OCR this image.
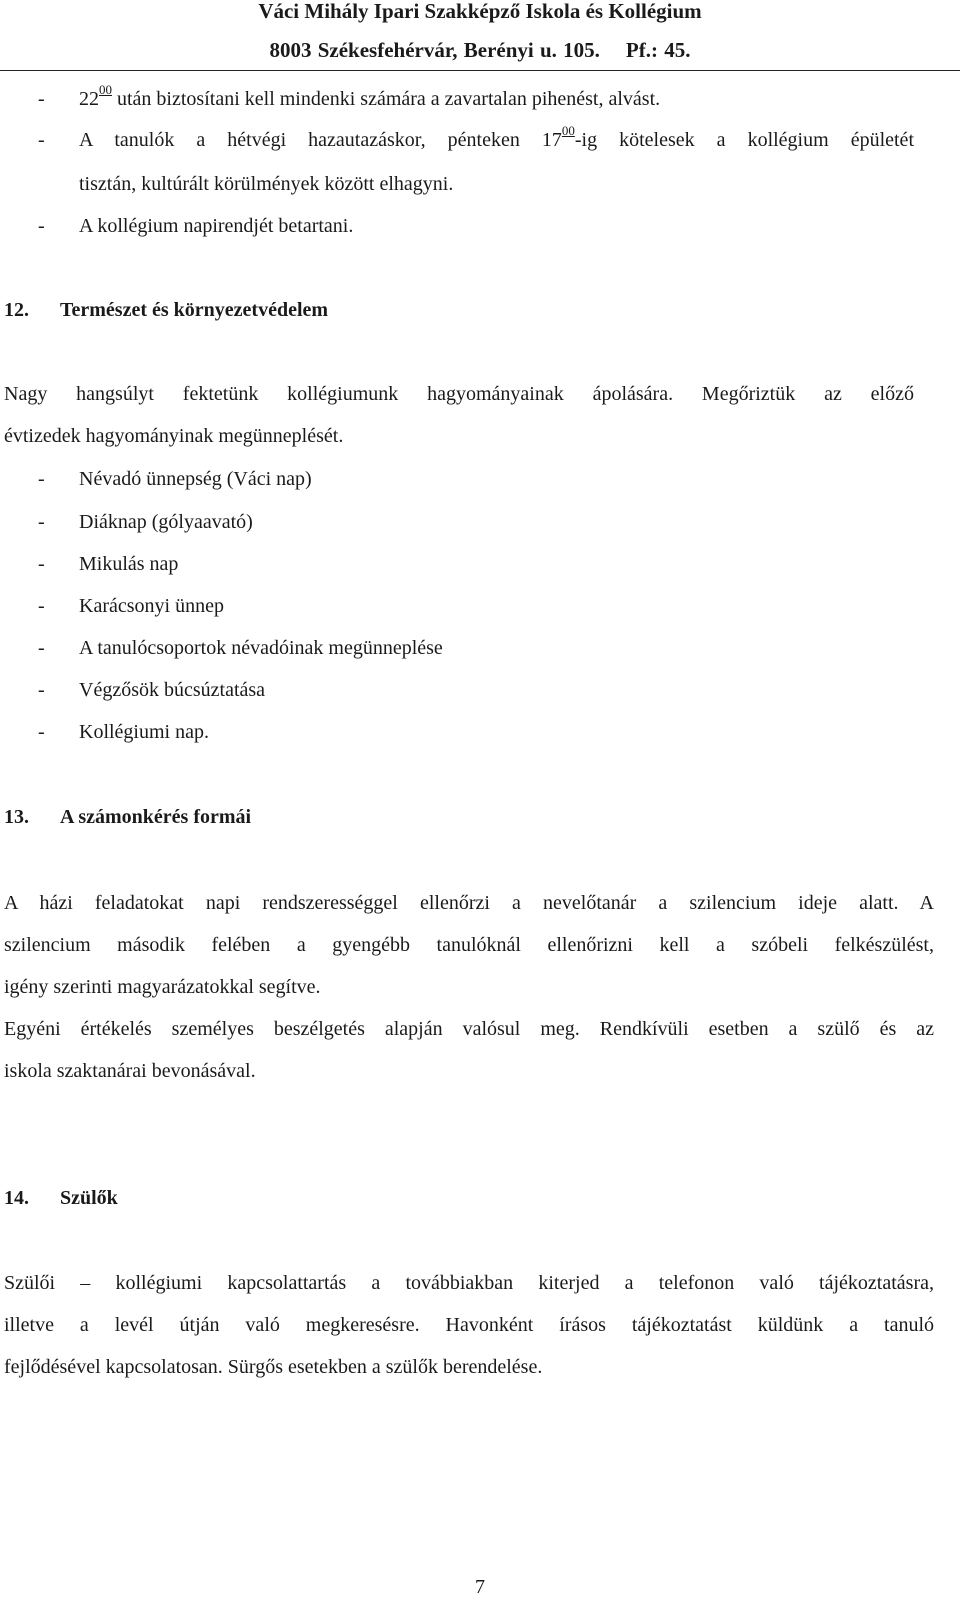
Váci Mihály Ipari Szakképző Iskola és Kollégium
8003 Székesfehérvár, Berényi u. 105. Pf.: 45.
- $22^{00}$ után biztosítani kell mindenki számára a zavartalan pihenést, alvást.
- A tanulók a hétvégi hazautazáskor, pénteken $17^{00}-ig$ kötelesek a kollégium épületét
tisztán, kultúrált körülmények között elhagyni.
- A kollégium napirendjét betartani.
12. Természet és környezetvédelem
Nagy hangsúlyt fektetünk kollégiumunk hagyományainak ápolására. Megőriztük az előző
évtizedek hagyományinak megünneplését.
- Névadó ünnepség (Váci nap)
- Diáknap (gólyaavató)
- Mikulás nap
- Karácsonyi ünnep
- A tanulócsoportok névadóinak megünneplése
- Végzősök búcsúztatása
- Kollégiumi nap.
13. A számonkérés formái
A házi feladatokat napi rendszerességgel ellenőrzi a nevelőtanár a szilencium ideje alatt. A
szilencium második felében a gyengébb tanulóknál ellenőrizni kell a szóbeli felkészülést,
igény szerinti magyarázatokkal segítve.
Egyéni értékelés személyes beszélgetés alapján valósul meg. Rendkívüli esetben a szülő és az
iskola szaktanárai bevonásával.
14. Szülők
Szülői – kollégiumi kapcsolattartás a továbbiakban kiterjed a telefonon való tájékoztatásra,
illetve a levél útján való megkeresésre. Havonként írásos tájékoztatást küldünk a tanuló
fejlődésével kapcsolatosan. Sürgős esetekben a szülők berendelése.
7
